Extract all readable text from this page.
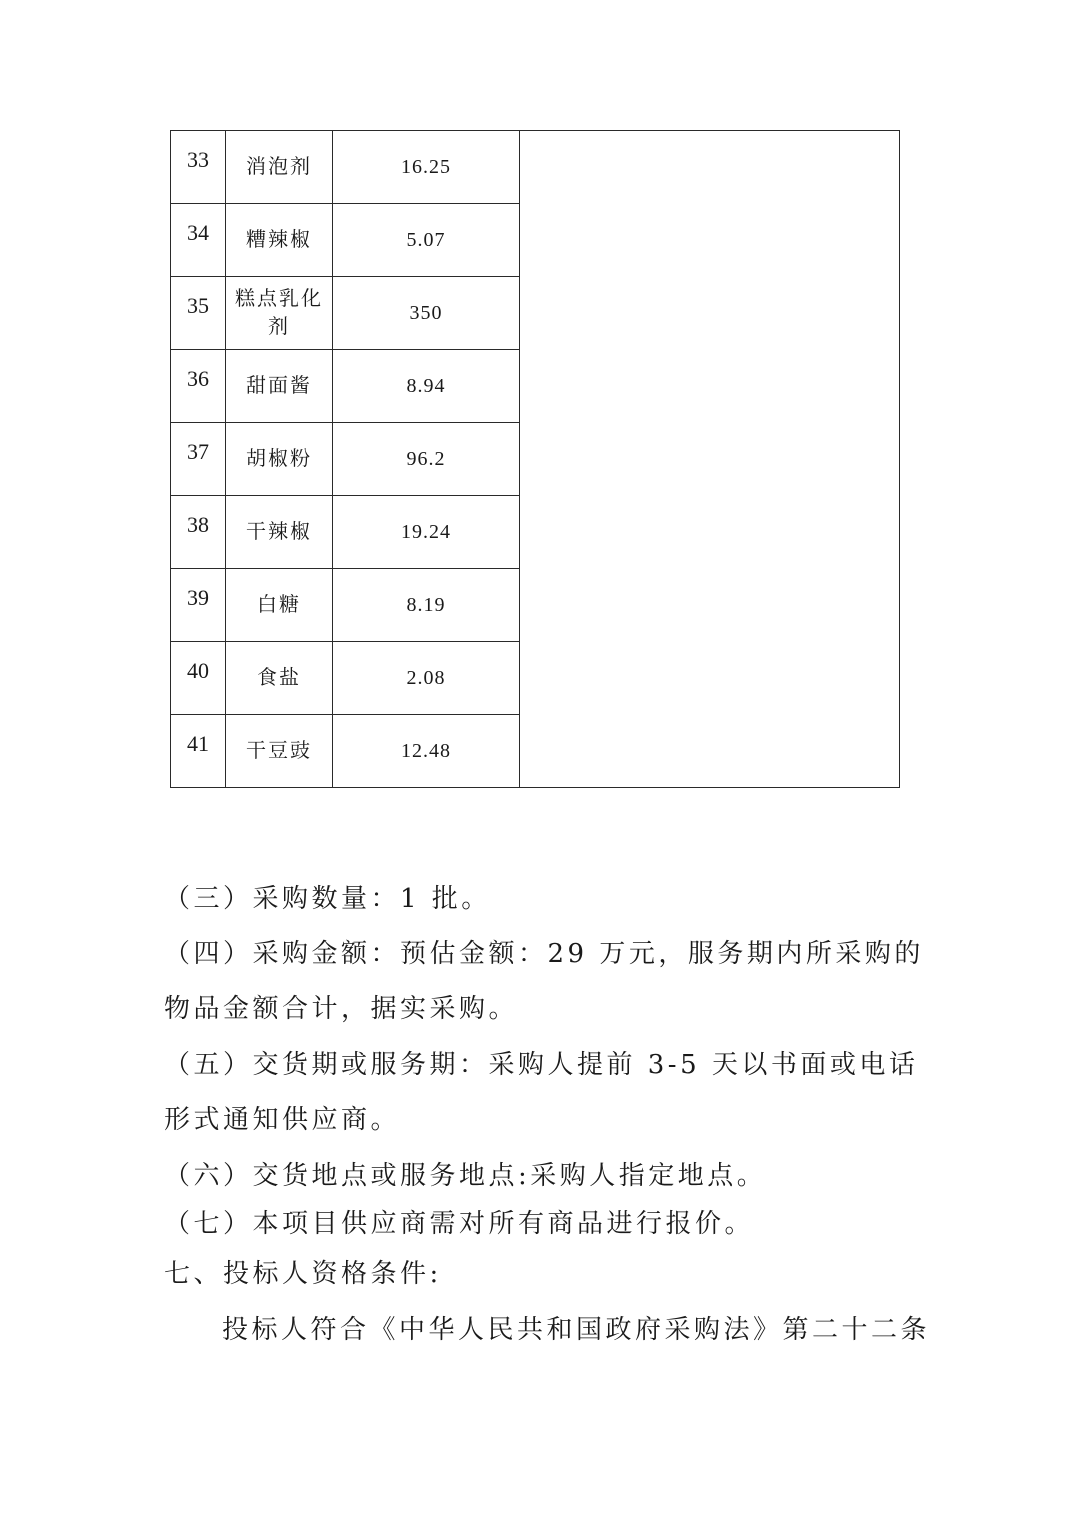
33	消泡剂	16.25	
34	糟辣椒	5.07	
35	糕点乳化剂	350	
36	甜面酱	8.94	
37	胡椒粉	96.2	
38	干辣椒	19.24	
39	白糖	8.19	
40	食盐	2.08	
41	干豆豉	12.48	

（三）采购数量：1 批。

（四）采购金额：预估金额：29 万元，服务期内所采购的

物品金额合计，据实采购。

（五）交货期或服务期：采购人提前 3-5 天以书面或电话

形式通知供应商。

（六）交货地点或服务地点:采购人指定地点。

（七）本项目供应商需对所有商品进行报价。

七、投标人资格条件:

投标人符合《中华人民共和国政府采购法》第二十二条
